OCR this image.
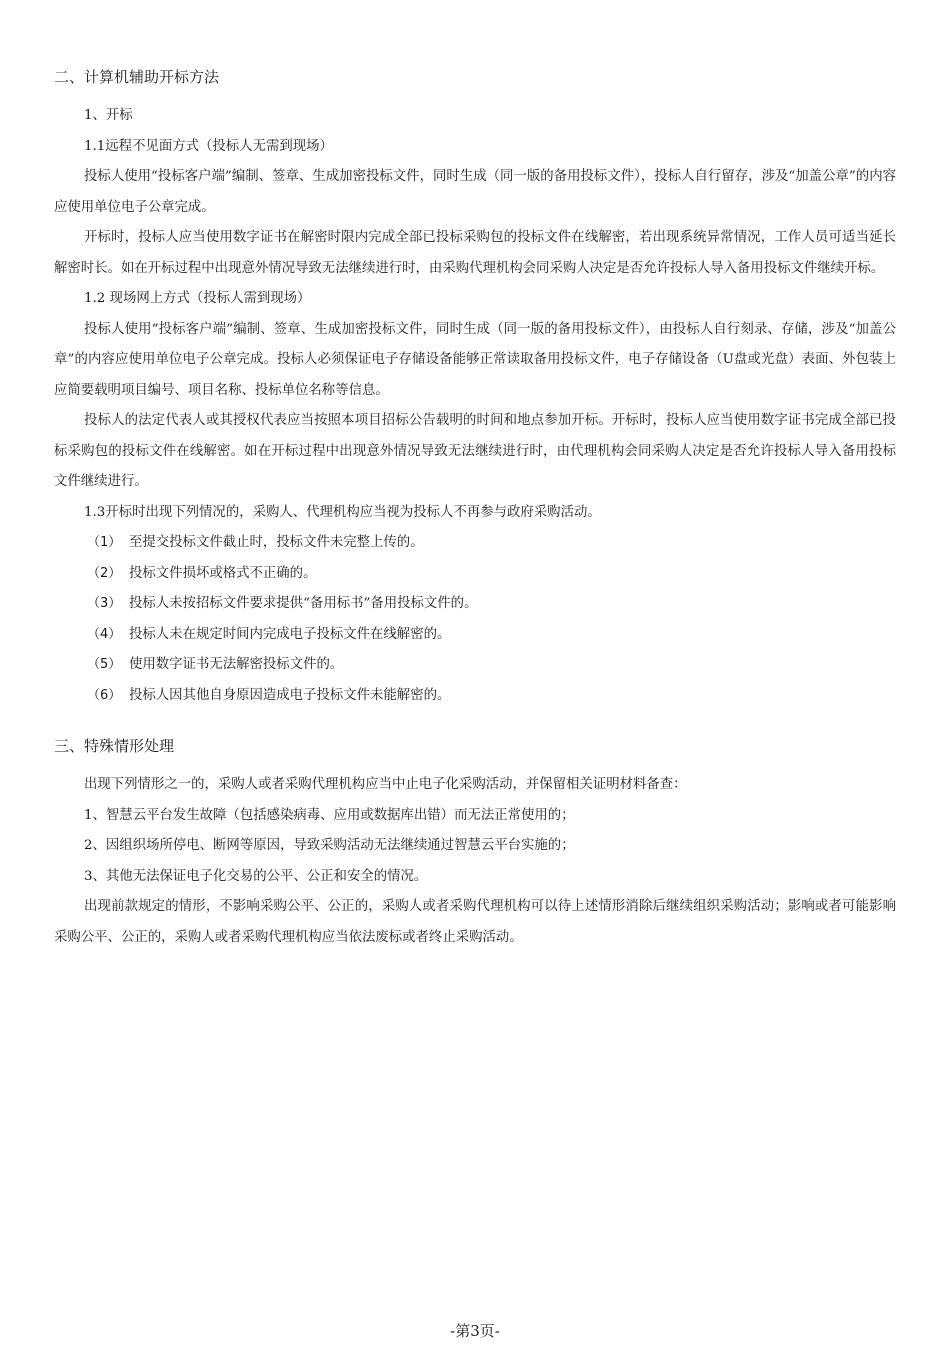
二、计算机辅助开标方法

1、开标

1.1远程不见面方式（投标人无需到现场）

投标人使用“投标客户端”编制、签章、生成加密投标文件，同时生成（同一版的备用投标文件），投标人自行留存，涉及“加盖公章”的内容应使用单位电子公章完成。

开标时，投标人应当使用数字证书在解密时限内完成全部已投标采购包的投标文件在线解密，若出现系统异常情况，工作人员可适当延长解密时长。如在开标过程中出现意外情况导致无法继续进行时，由采购代理机构会同采购人决定是否允许投标人导入备用投标文件继续开标。

1.2 现场网上方式（投标人需到现场）

投标人使用“投标客户端”编制、签章、生成加密投标文件，同时生成（同一版的备用投标文件），由投标人自行刻录、存储，涉及“加盖公章”的内容应使用单位电子公章完成。投标人必须保证电子存储设备能够正常读取备用投标文件，电子存储设备（U盘或光盘）表面、外包装上应简要载明项目编号、项目名称、投标单位名称等信息。

投标人的法定代表人或其授权代表应当按照本项目招标公告载明的时间和地点参加开标。开标时，投标人应当使用数字证书完成全部已投标采购包的投标文件在线解密。如在开标过程中出现意外情况导致无法继续进行时，由代理机构会同采购人决定是否允许投标人导入备用投标文件继续进行。

1.3开标时出现下列情况的，采购人、代理机构应当视为投标人不再参与政府采购活动。

（1） 至提交投标文件截止时，投标文件未完整上传的。
（2） 投标文件损坏或格式不正确的。
（3） 投标人未按招标文件要求提供“备用标书”备用投标文件的。
（4） 投标人未在规定时间内完成电子投标文件在线解密的。
（5） 使用数字证书无法解密投标文件的。
（6） 投标人因其他自身原因造成电子投标文件未能解密的。
三、特殊情形处理

出现下列情形之一的，采购人或者采购代理机构应当中止电子化采购活动，并保留相关证明材料备查：

1、智慧云平台发生故障（包括感染病毒、应用或数据库出错）而无法正常使用的；

2、因组织场所停电、断网等原因，导致采购活动无法继续通过智慧云平台实施的；

3、其他无法保证电子化交易的公平、公正和安全的情况。

出现前款规定的情形，不影响采购公平、公正的，采购人或者采购代理机构可以待上述情形消除后继续组织采购活动；影响或者可能影响采购公平、公正的，采购人或者采购代理机构应当依法废标或者终止采购活动。

-第3页-
